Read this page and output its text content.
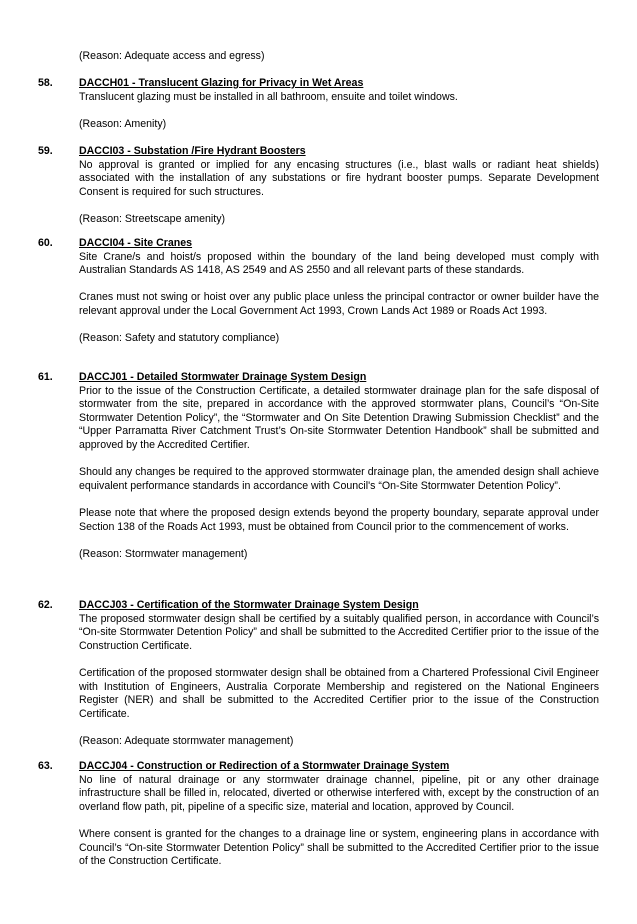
(Reason: Adequate access and egress)
58. DACCH01 - Translucent Glazing for Privacy in Wet Areas

Translucent glazing must be installed in all bathroom, ensuite and toilet windows.

(Reason: Amenity)

59. DACCI03 - Substation /Fire Hydrant Boosters

No approval is granted or implied for any encasing structures (i.e., blast walls or radiant heat shields) associated with the installation of any substations or fire hydrant booster pumps. Separate Development Consent is required for such structures.

(Reason: Streetscape amenity)

60. DACCI04 - Site Cranes

Site Crane/s and hoist/s proposed within the boundary of the land being developed must comply with Australian Standards AS 1418, AS 2549 and AS 2550 and all relevant parts of these standards.

Cranes must not swing or hoist over any public place unless the principal contractor or owner builder have the relevant approval under the Local Government Act 1993, Crown Lands Act 1989 or Roads Act 1993.

(Reason: Safety and statutory compliance)

61. DACCJ01 - Detailed Stormwater Drainage System Design

Prior to the issue of the Construction Certificate, a detailed stormwater drainage plan for the safe disposal of stormwater from the site, prepared in accordance with the approved stormwater plans, Council’s “On-Site Stormwater Detention Policy”, the “Stormwater and On Site Detention Drawing Submission Checklist” and the “Upper Parramatta River Catchment Trust’s On-site Stormwater Detention Handbook” shall be submitted and approved by the Accredited Certifier.

Should any changes be required to the approved stormwater drainage plan, the amended design shall achieve equivalent performance standards in accordance with Council's “On-Site Stormwater Detention Policy”.

Please note that where the proposed design extends beyond the property boundary, separate approval under Section 138 of the Roads Act 1993, must be obtained from Council prior to the commencement of works.

(Reason: Stormwater management)

62. DACCJ03 - Certification of the Stormwater Drainage System Design

The proposed stormwater design shall be certified by a suitably qualified person, in accordance with Council’s “On-site Stormwater Detention Policy” and shall be submitted to the Accredited Certifier prior to the issue of the Construction Certificate.

Certification of the proposed stormwater design shall be obtained from a Chartered Professional Civil Engineer with Institution of Engineers, Australia Corporate Membership and registered on the National Engineers Register (NER) and shall be submitted to the Accredited Certifier prior to the issue of the Construction Certificate.

(Reason: Adequate stormwater management)

63. DACCJ04 - Construction or Redirection of a Stormwater Drainage System

No line of natural drainage or any stormwater drainage channel, pipeline, pit or any other drainage infrastructure shall be filled in, relocated, diverted or otherwise interfered with, except by the construction of an overland flow path, pit, pipeline of a specific size, material and location, approved by Council.

Where consent is granted for the changes to a drainage line or system, engineering plans in accordance with Council’s “On-site Stormwater Detention Policy” shall be submitted to the Accredited Certifier prior to the issue of the Construction Certificate.
